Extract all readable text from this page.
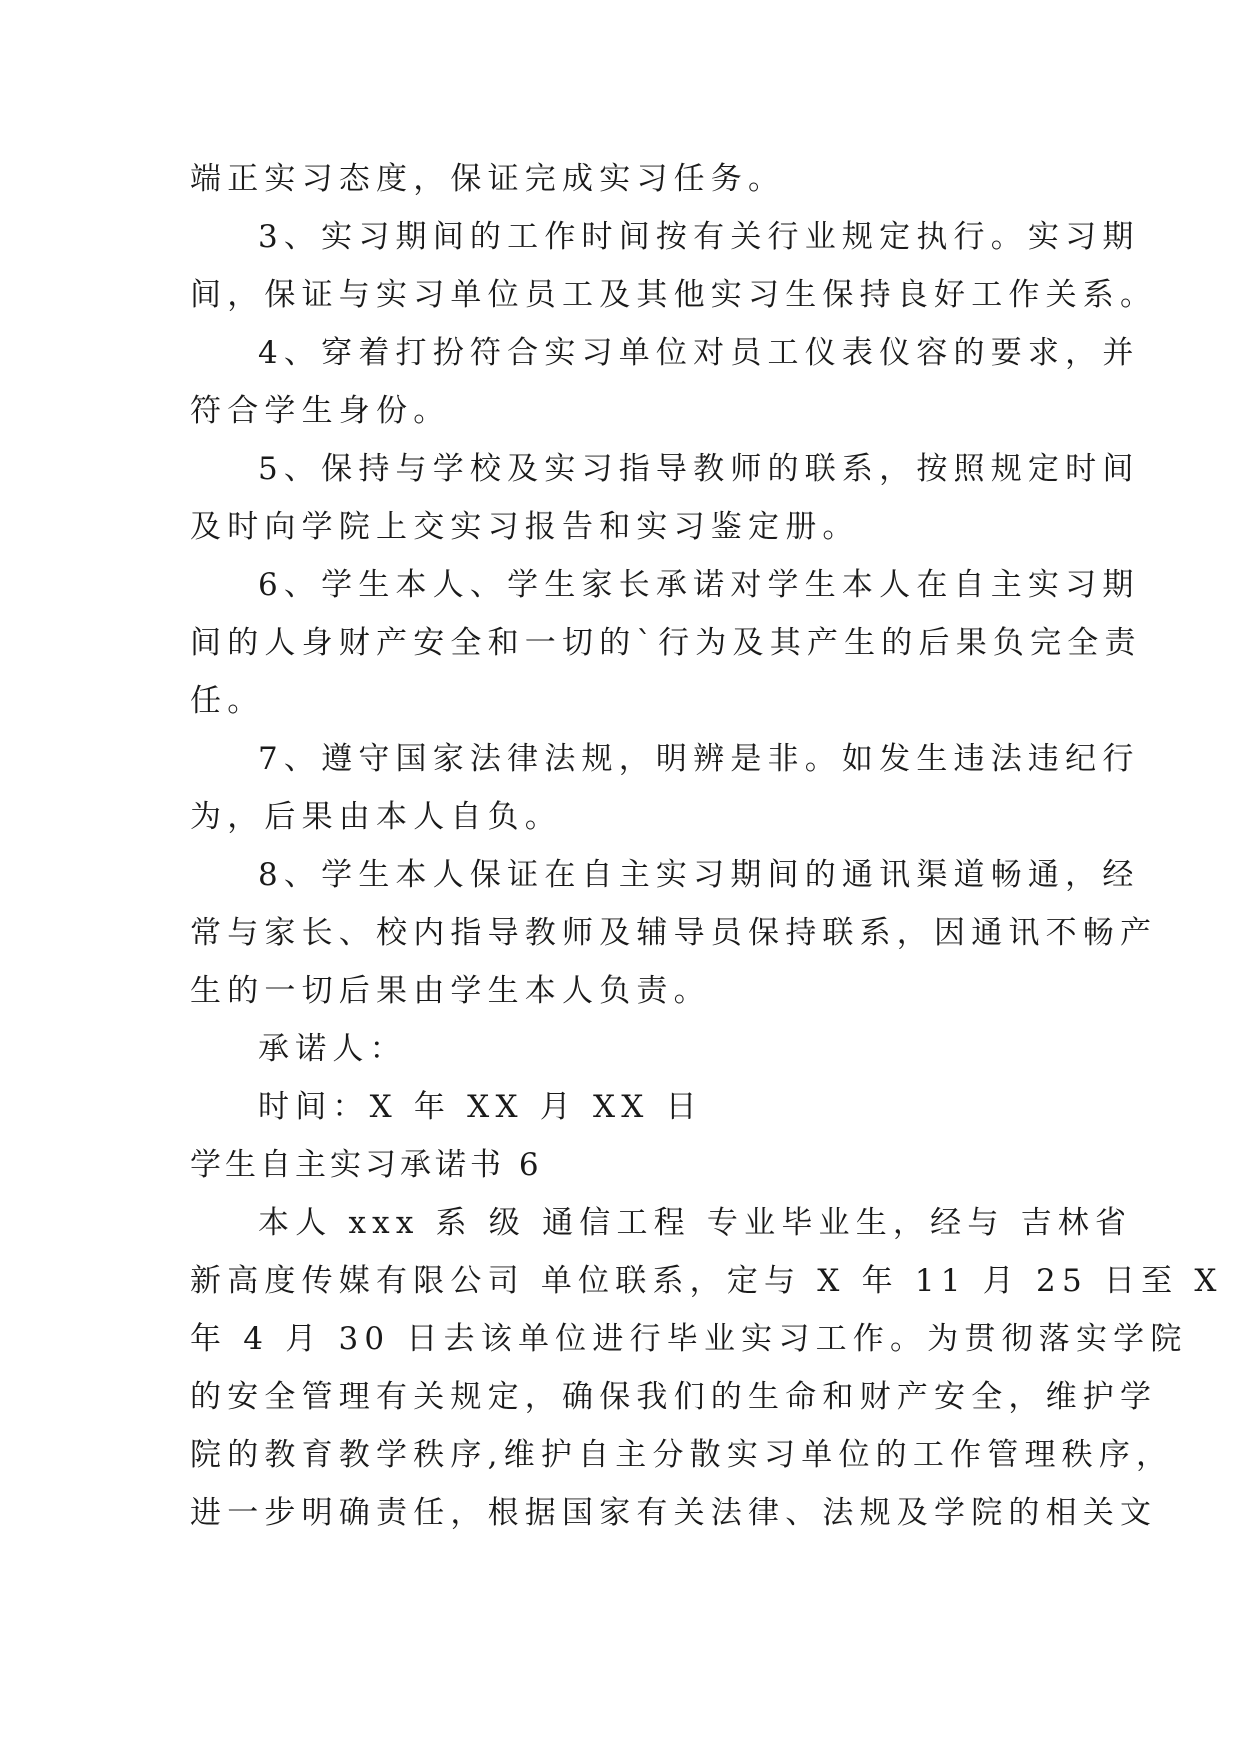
端正实习态度，保证完成实习任务。
3、实习期间的工作时间按有关行业规定执行。实习期
间，保证与实习单位员工及其他实习生保持良好工作关系。
4、穿着打扮符合实习单位对员工仪表仪容的要求，并
符合学生身份。
5、保持与学校及实习指导教师的联系，按照规定时间
及时向学院上交实习报告和实习鉴定册。
6、学生本人、学生家长承诺对学生本人在自主实习期
间的人身财产安全和一切的`行为及其产生的后果负完全责
任。
7、遵守国家法律法规，明辨是非。如发生违法违纪行
为，后果由本人自负。
8、学生本人保证在自主实习期间的通讯渠道畅通，经
常与家长、校内指导教师及辅导员保持联系，因通讯不畅产
生的一切后果由学生本人负责。
承诺人：
时间：X 年 XX 月 XX 日
学生自主实习承诺书 6
本人 xxx 系 级 通信工程 专业毕业生，经与 吉林省
新高度传媒有限公司 单位联系，定与 X 年 11 月 25 日至 X
年 4 月 30 日去该单位进行毕业实习工作。为贯彻落实学院
的安全管理有关规定，确保我们的生命和财产安全，维护学
院的教育教学秩序,维护自主分散实习单位的工作管理秩序，
进一步明确责任，根据国家有关法律、法规及学院的相关文
